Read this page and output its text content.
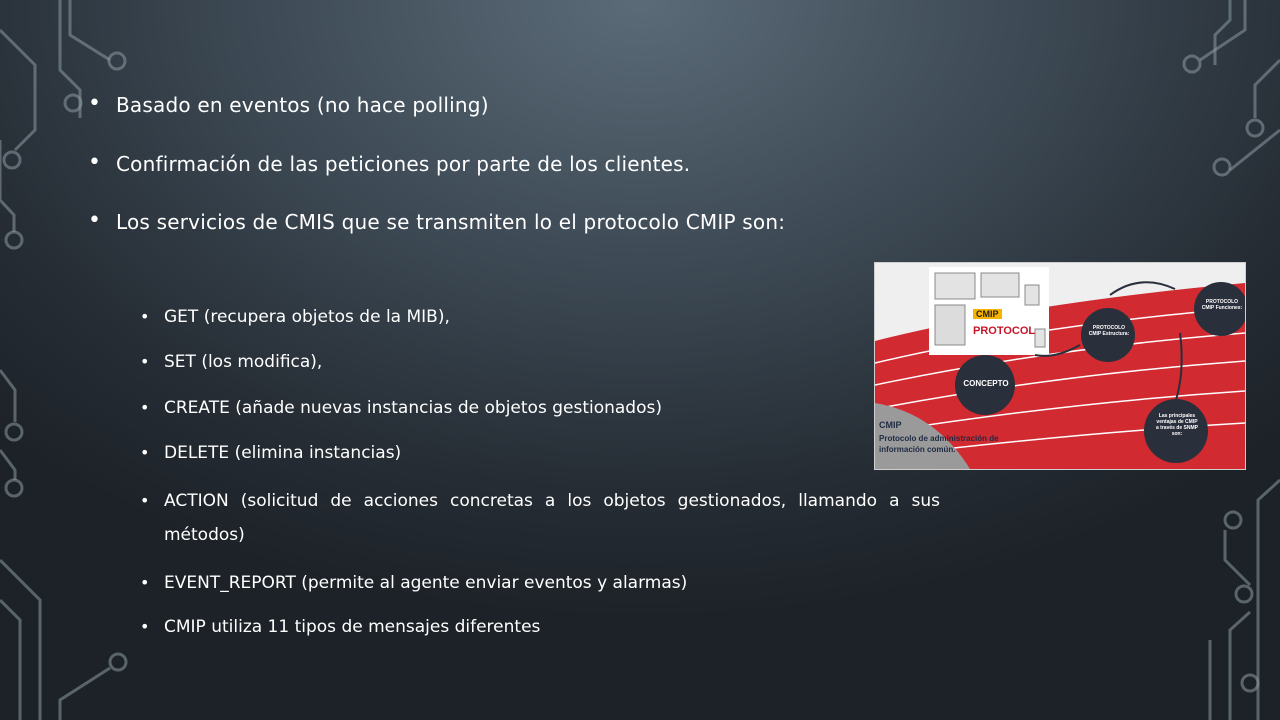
• Basado en eventos (no hace polling)
• Confirmación de las peticiones por parte de los clientes.
• Los servicios de CMIS que se transmiten lo el protocolo CMIP son:
• GET (recupera objetos de la MIB),
• SET (los modifica),
• CREATE (añade nuevas instancias de objetos gestionados)
• DELETE (elimina instancias)
• ACTION (solicitud de acciones concretas a los objetos gestionados, llamando a sus métodos)
• EVENT_REPORT (permite al agente enviar eventos y alarmas)
• CMIP utiliza 11 tipos de mensajes diferentes
CMIP
PROTOCOL	PROTOCOLO CMIP Estructura:
PROTOCOLO CMIP Funciones:
CONCEPTO
Las principales ventajas de CMIP a través de SNMP son:
CMIP
Protocolo de administración de información común.
